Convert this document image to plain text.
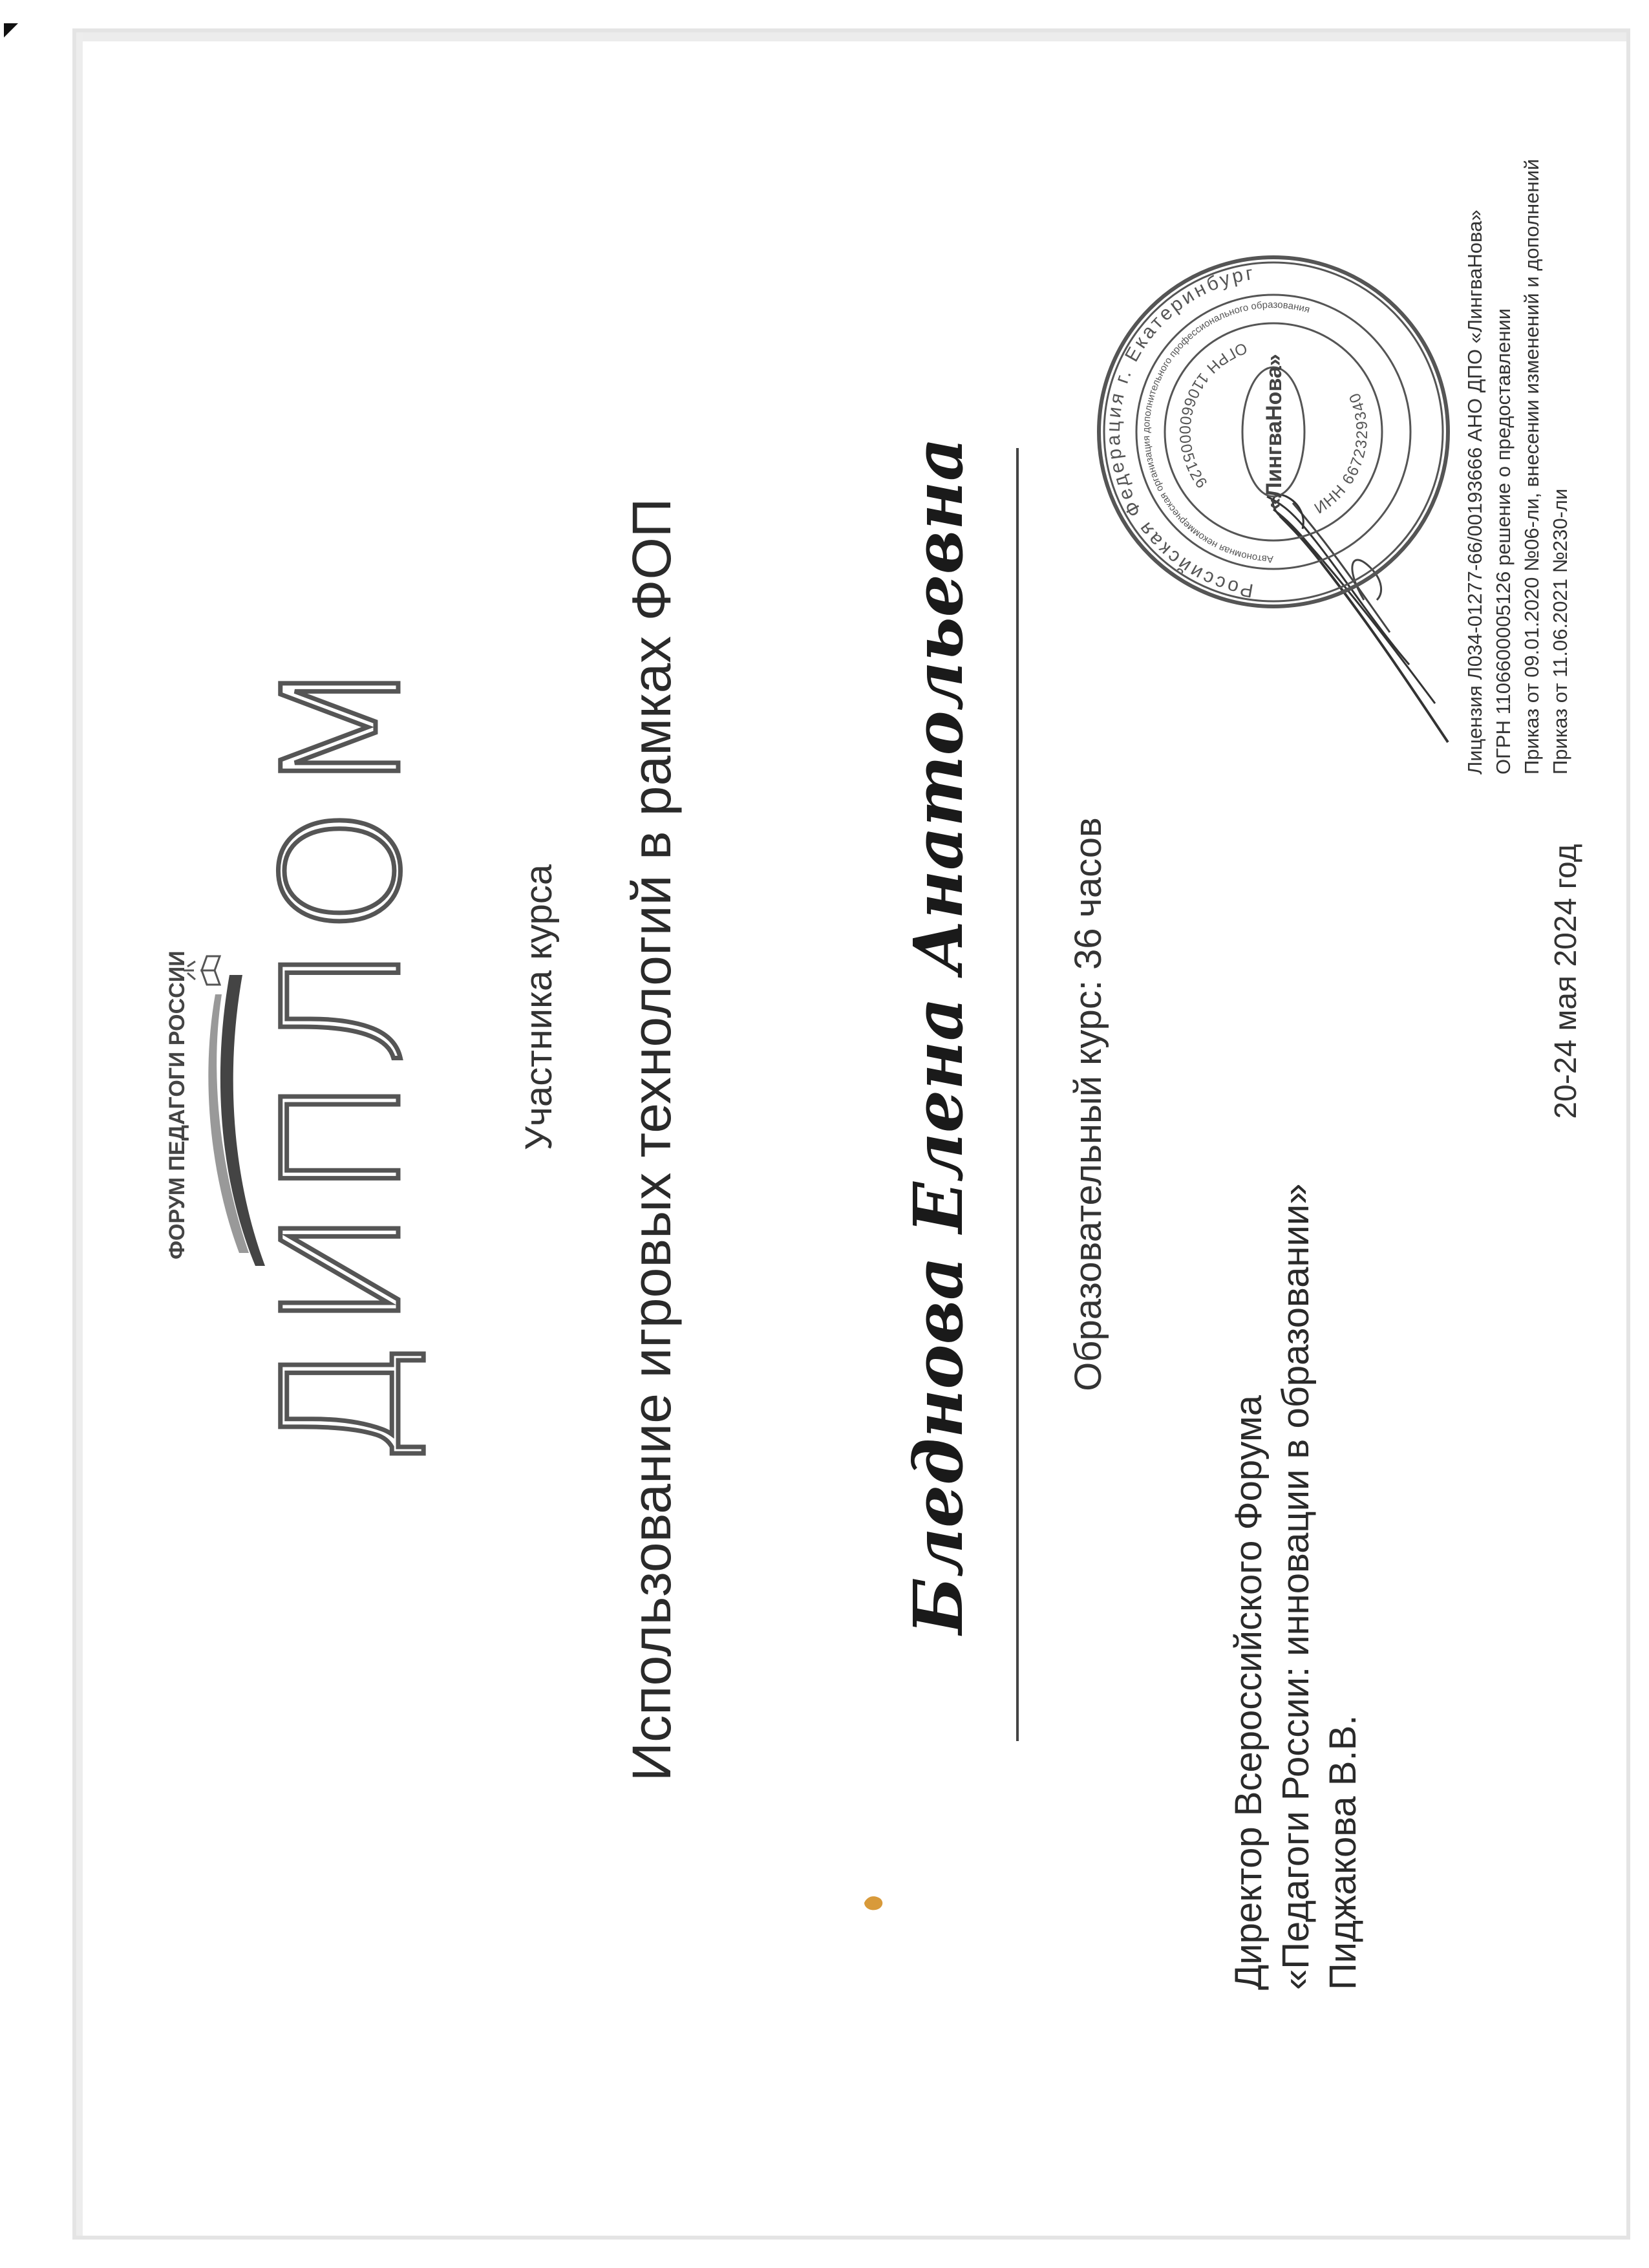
ФОРУМ ПЕДАГОГИ РОССИИ ДИПЛОМ Участника курса Использование игровых технологий в рамках ФОП	Бледнова Елена Анатольевна Образовательный курс: 36 часов
Директор Всероссийского Форума «Педагоги России: инновации в образовании» Пиджакова В.В.
20-24 мая 2024 год
Российская Федерация г. Екатеринбург
Автономная некоммерческая организация дополнительного профессионального образования
ИНН 6672329340
ОГРН 1106600005126	«ЛингваНова»	Лицензия Л034-01277-66/00193666 АНО ДПО «ЛингваНова» ОГРН 1106600005126 решение о предоставлении Приказ от 09.01.2020 №06-ли, внесении изменений и дополнений Приказ от 11.06.2021 №230-ли
